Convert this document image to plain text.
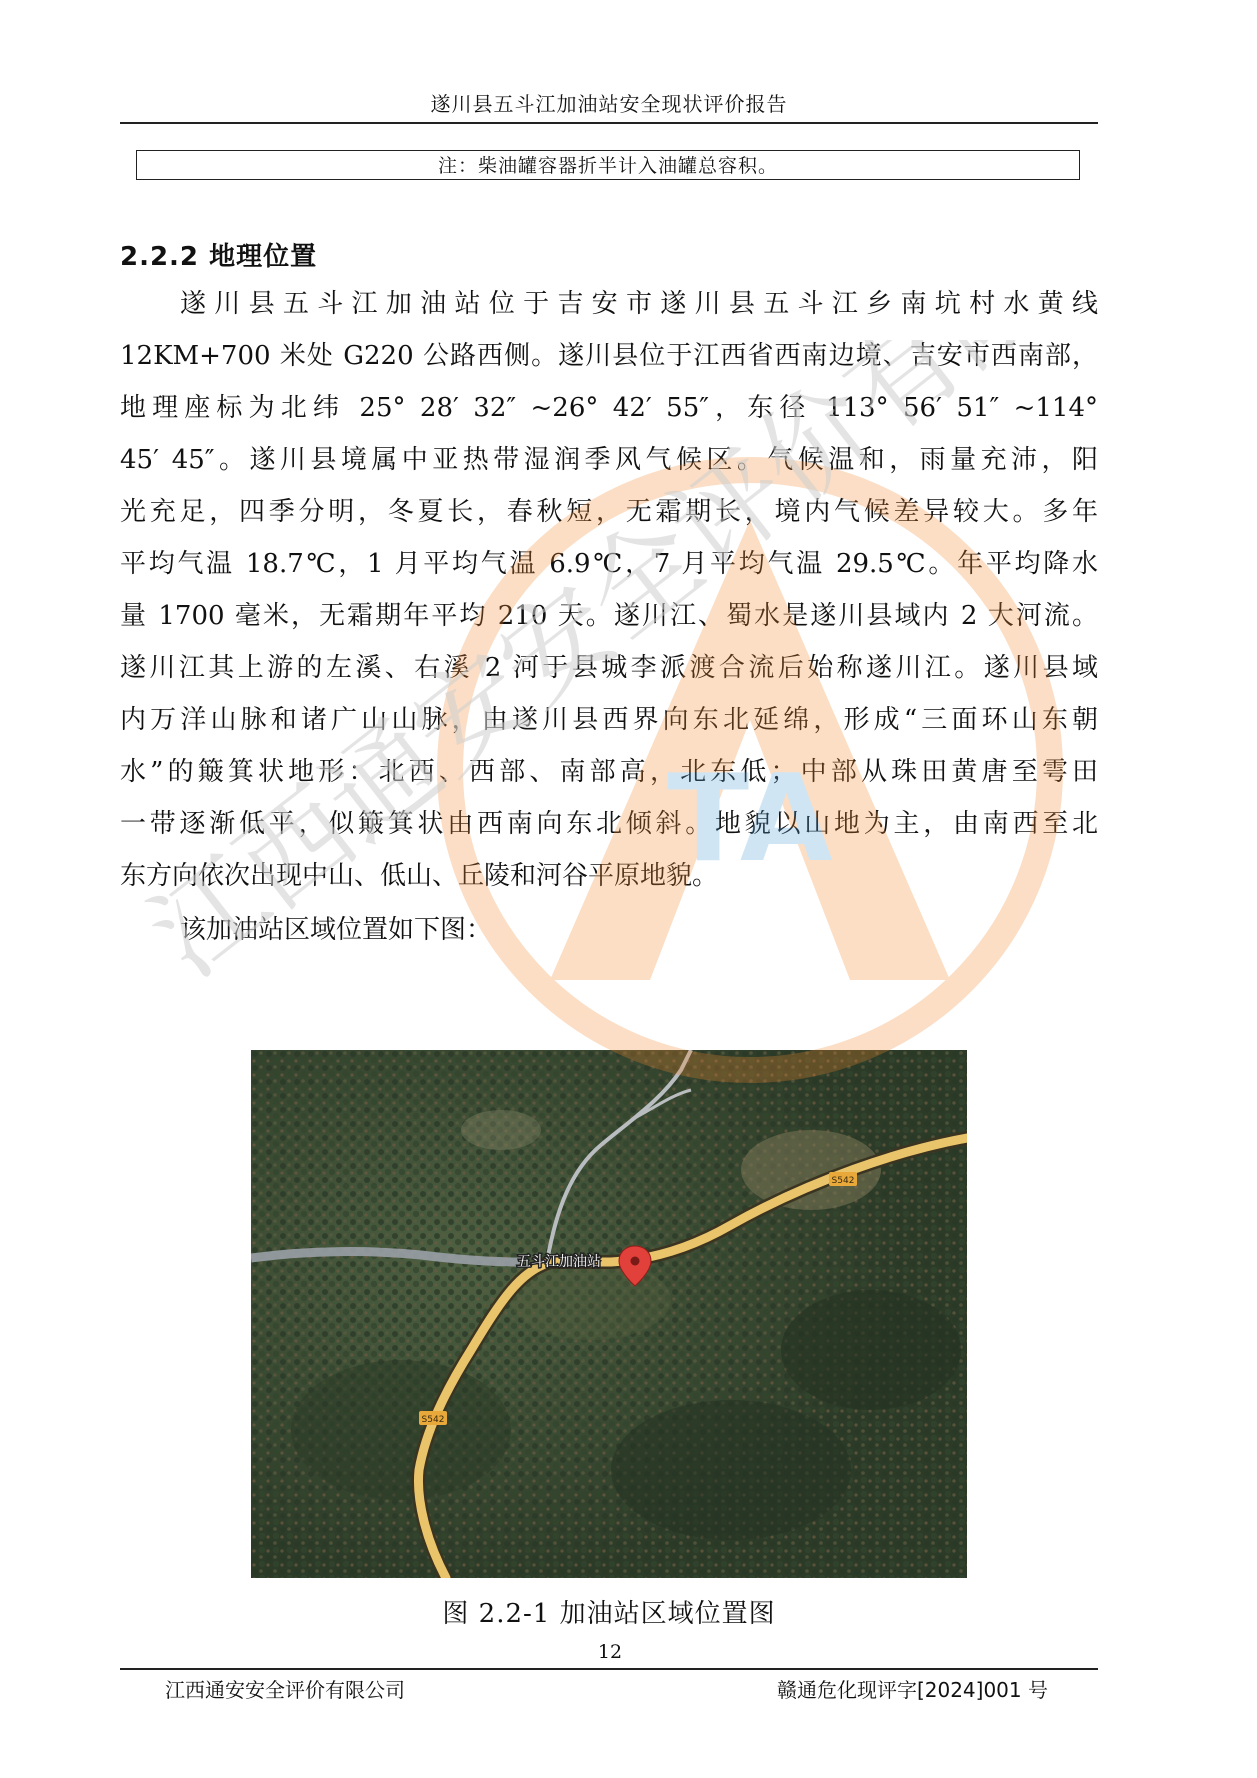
遂川县五斗江加油站安全现状评价报告
注：柴油罐容器折半计入油罐总容积。
2.2.2 地理位置
遂川县五斗江加油站位于吉安市遂川县五斗江乡南坑村水黄线
12KM+700 米处 G220 公路西侧。遂川县位于江西省西南边境、吉安市西南部，
地理座标为北纬 25° 28′ 32″ ~26° 42′ 55″，东径 113° 56′ 51″ ~114°
45′ 45″。遂川县境属中亚热带湿润季风气候区。气候温和，雨量充沛，阳
光充足，四季分明，冬夏长，春秋短，无霜期长，境内气候差异较大。多年
平均气温 18.7℃，1 月平均气温 6.9℃，7 月平均气温 29.5℃。年平均降水
量 1700 毫米，无霜期年平均 210 天。遂川江、蜀水是遂川县域内 2 大河流。
遂川江其上游的左溪、右溪 2 河于县城李派渡合流后始称遂川江。遂川县域
内万洋山脉和诸广山山脉，由遂川县西界向东北延绵，形成“三面环山东朝
水”的簸箕状地形：北西、西部、南部高，北东低；中部从珠田黄唐至雩田
一带逐渐低平，似簸箕状由西南向东北倾斜。地貌以山地为主，由南西至北
东方向依次出现中山、低山、丘陵和河谷平原地貌。
该加油站区域位置如下图：
S542
S542
五斗江加油站
TA
江西通安安全评价有限公司
图 2.2-1 加油站区域位置图
12
江西通安安全评价有限公司	赣通危化现评字[2024]001 号
